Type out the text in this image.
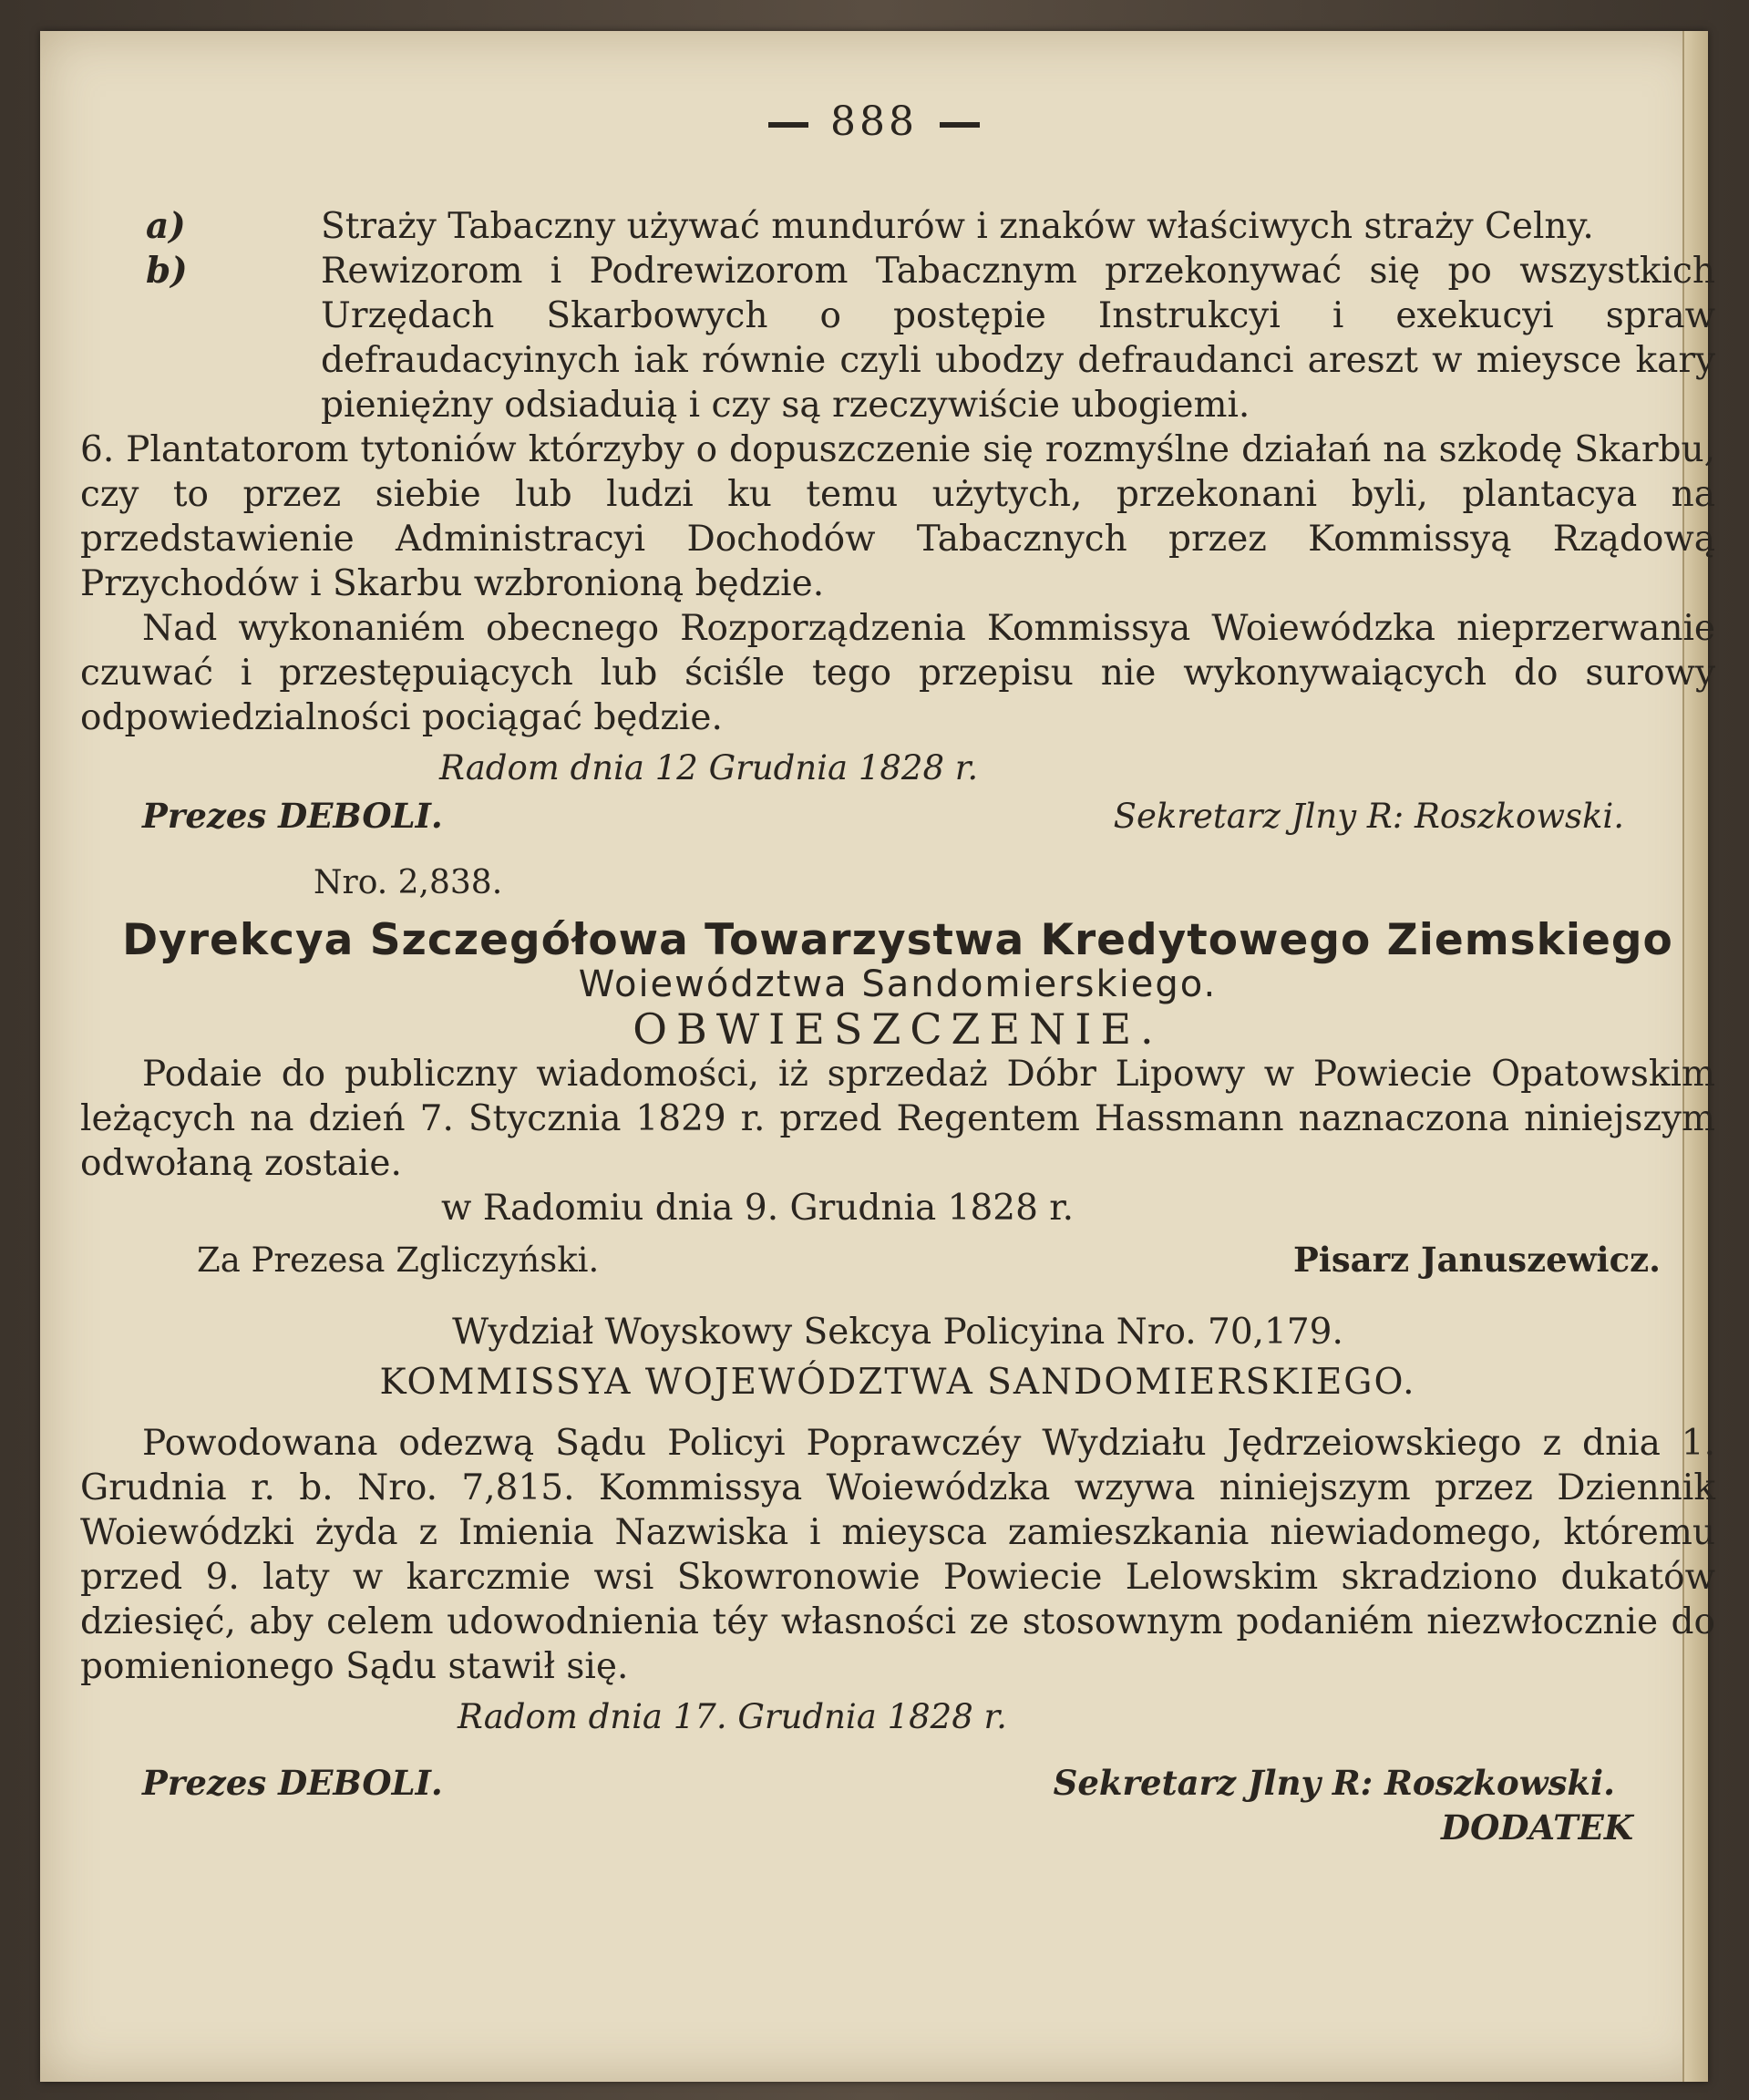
888

a)	Straży Tabaczny używać mundurów i znaków właściwych straży Celny.

b)	Rewizorom i Podrewizorom Tabacznym przekonywać się po wszystkich Urzędach Skarbowych o postępie Instrukcyi i exekucyi spraw defraudacyinych iak równie czyli ubodzy defraudanci areszt w mieysce kary pieniężny odsiaduią i czy są rzeczywiście ubogiemi.

6. Plantatorom tytoniów którzyby o dopuszczenie się rozmyślne działań na szkodę Skarbu, czy to przez siebie lub ludzi ku temu użytych, przekonani byli, plantacya na przedstawienie Administracyi Dochodów Tabacznych przez Kommissyą Rządową Przychodów i Skarbu wzbronioną będzie.

Nad wykonaniém obecnego Rozporządzenia Kommissya Woiewódzka nieprzerwanie czuwać i przestępuiących lub ściśle tego przepisu nie wykonywaiących do surowy odpowiedzialności pociągać będzie.

Radom dnia 12 Grudnia 1828 r.

Prezes DEBOLI.	Sekretarz Jlny R: Roszkowski.

Nro. 2,838.

Dyrekcya Szczegółowa Towarzystwa Kredytowego Ziemskiego

Woiewództwa Sandomierskiego.

OBWIESZCZENIE.

Podaie do publiczny wiadomości, iż sprzedaż Dóbr Lipowy w Powiecie Opatowskim leżących na dzień 7. Stycznia 1829 r. przed Regentem Hassmann naznaczona niniejszym odwołaną zostaie.

w Radomiu dnia 9. Grudnia 1828 r.

Za Prezesa Zgliczyński.	Pisarz Januszewicz.

Wydział Woyskowy Sekcya Policyina Nro. 70,179.

KOMMISSYA WOJEWÓDZTWA SANDOMIERSKIEGO.

Powodowana odezwą Sądu Policyi Poprawczéy Wydziału Jędrzeiowskiego z dnia 1. Grudnia r. b. Nro. 7,815. Kommissya Woiewódzka wzywa niniejszym przez Dziennik Woiewódzki żyda z Imienia Nazwiska i mieysca zamieszkania niewiadomego, któremu przed 9. laty w karczmie wsi Skowronowie Powiecie Lelowskim skradziono dukatów dziesięć, aby celem udowodnienia téy własności ze stosownym podaniém niezwłocznie do pomienionego Sądu stawił się.

Radom dnia 17. Grudnia 1828 r.

Prezes DEBOLI.	Sekretarz Jlny R: Roszkowski.

DODATEK
